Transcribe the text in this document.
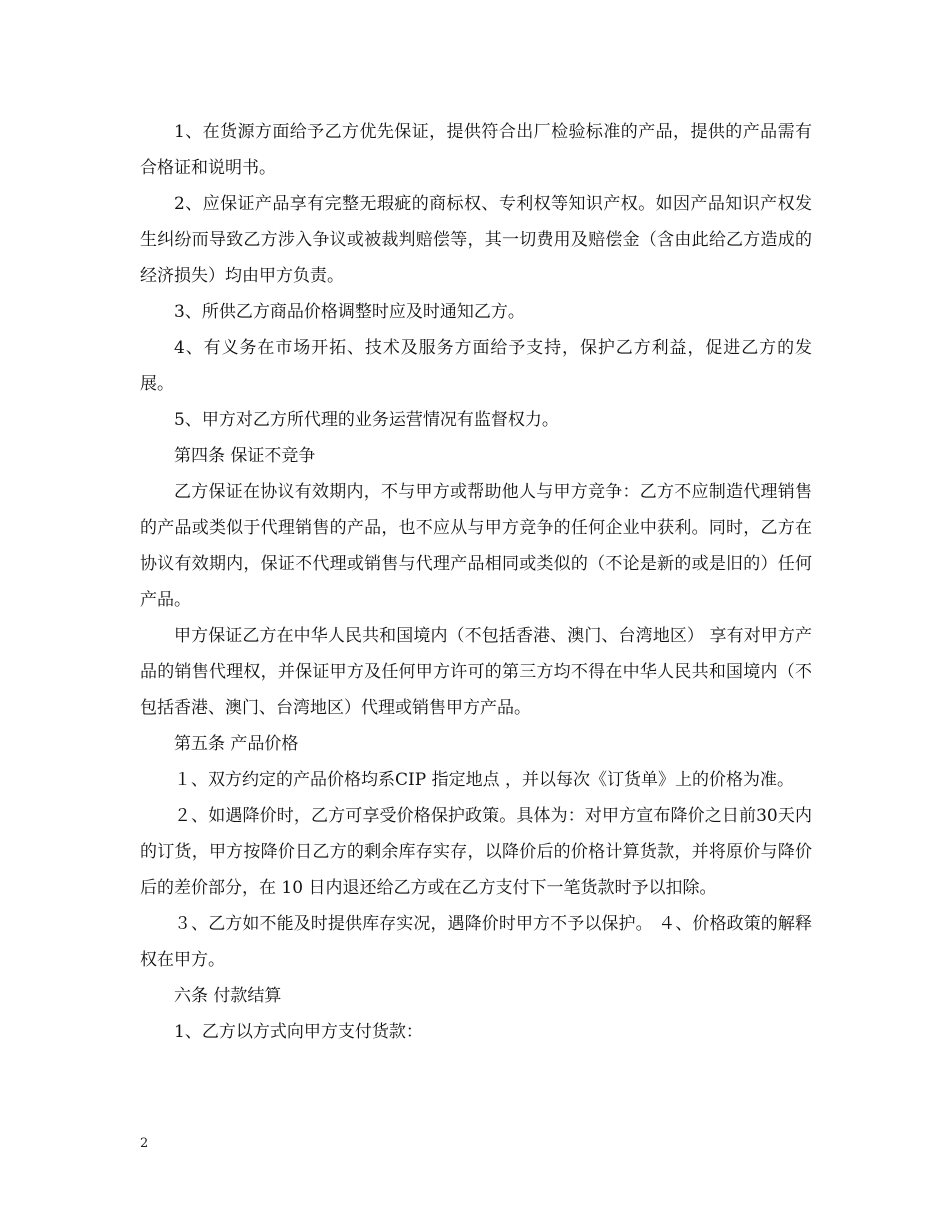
1、在货源方面给予乙方优先保证，提供符合出厂检验标准的产品，提供的产品需有合格证和说明书。

2、应保证产品享有完整无瑕疵的商标权、专利权等知识产权。如因产品知识产权发生纠纷而导致乙方涉入争议或被裁判赔偿等，其一切费用及赔偿金（含由此给乙方造成的经济损失）均由甲方负责。

3、所供乙方商品价格调整时应及时通知乙方。

4、有义务在市场开拓、技术及服务方面给予支持，保护乙方利益，促进乙方的发展。

5、甲方对乙方所代理的业务运营情况有监督权力。

第四条 保证不竞争

乙方保证在协议有效期内，不与甲方或帮助他人与甲方竞争：乙方不应制造代理销售的产品或类似于代理销售的产品，也不应从与甲方竞争的任何企业中获利。同时，乙方在协议有效期内，保证不代理或销售与代理产品相同或类似的（不论是新的或是旧的）任何产品。

甲方保证乙方在中华人民共和国境内（不包括香港、澳门、台湾地区） 享有对甲方产品的销售代理权，并保证甲方及任何甲方许可的第三方均不得在中华人民共和国境内（不包括香港、澳门、台湾地区）代理或销售甲方产品。

第五条 产品价格

１、双方约定的产品价格均系CIP 指定地点 ，并以每次《订货单》上的价格为准。

２、如遇降价时，乙方可享受价格保护政策。具体为：对甲方宣布降价之日前30天内的订货，甲方按降价日乙方的剩余库存实存，以降价后的价格计算货款，并将原价与降价后的差价部分，在 10 日内退还给乙方或在乙方支付下一笔货款时予以扣除。

３、乙方如不能及时提供库存实况，遇降价时甲方不予以保护。 ４、价格政策的解释权在甲方。

六条 付款结算

1、乙方以方式向甲方支付货款：

2
